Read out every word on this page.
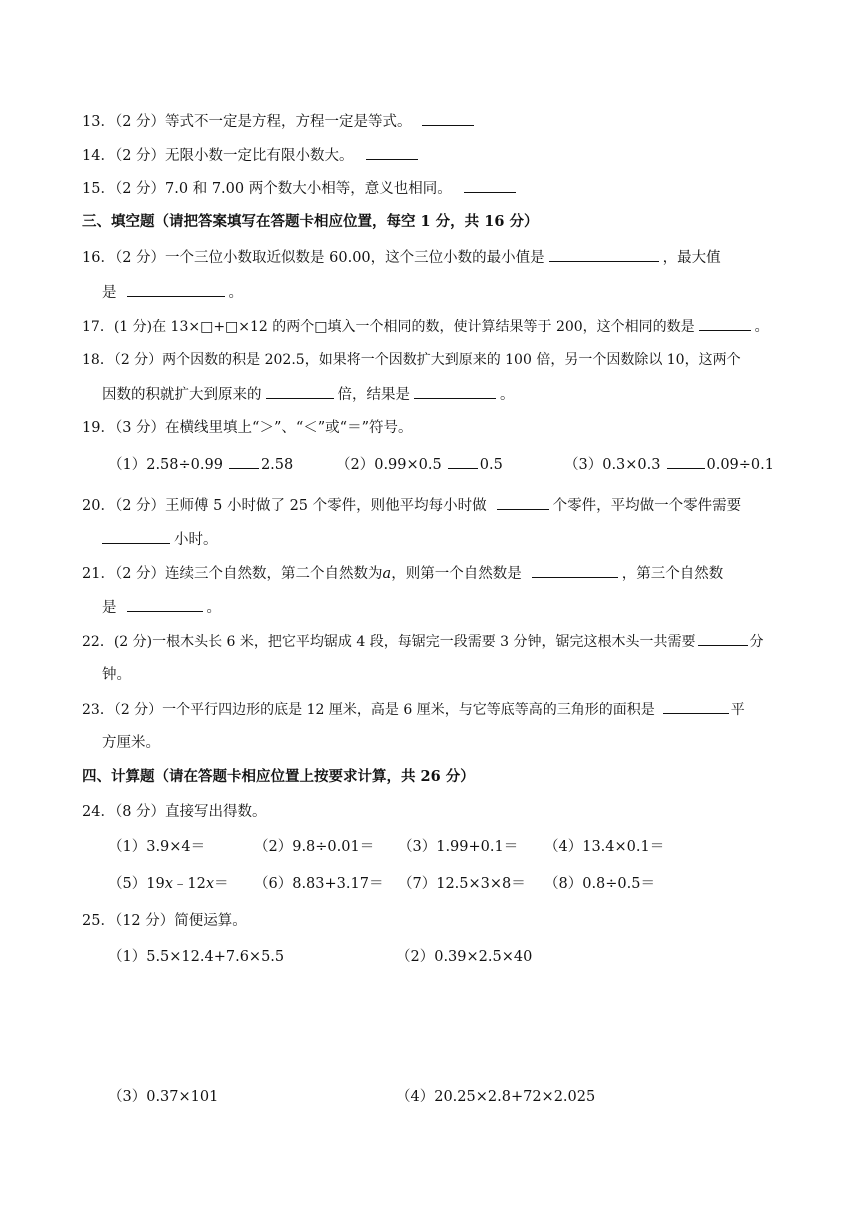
13．（2 分）等式不一定是方程，方程一定是等式。
14．（2 分）无限小数一定比有限小数大。
15．（2 分）7.0 和 7.00 两个数大小相等，意义也相同。
三、填空题（请把答案填写在答题卡相应位置，每空 1 分，共 16 分）
16．（2 分）一个三位小数取近似数是 60.00，这个三位小数的最小值是	，最大值
是	。
17．(1 分)在 13×□+□×12 的两个□填入一个相同的数，使计算结果等于 200，这个相同的数是	。
18．（2 分）两个因数的积是 202.5，如果将一个因数扩大到原来的 100 倍，另一个因数除以 10，这两个
因数的积就扩大到原来的	倍，结果是	。
19．（3 分）在横线里填上“＞”、“＜”或“＝”符号。
（1）2.58÷0.99	2.58	（2）0.99×0.5	0.5	（3）0.3×0.3	0.09÷0.1
20．（2 分）王师傅 5 小时做了 25 个零件，则他平均每小时做	个零件，平均做一个零件需要
小时。
21．（2 分）连续三个自然数，第二个自然数为a，则第一个自然数是	，第三个自然数
是	。
22．(2 分)一根木头长 6 米，把它平均锯成 4 段，每锯完一段需要 3 分钟，锯完这根木头一共需要	分
钟。
23．（2 分）一个平行四边形的底是 12 厘米，高是 6 厘米，与它等底等高的三角形的面积是	平
方厘米。
四、计算题（请在答题卡相应位置上按要求计算，共 26 分）
24．（8 分）直接写出得数。
（1）3.9×4＝	（2）9.8÷0.01＝ （3）1.99+0.1＝ （4）13.4×0.1＝
（5）19x﹣12x＝ （6）8.83+3.17＝ （7）12.5×3×8＝ （8）0.8÷0.5＝
25．（12 分）简便运算。
（1）5.5×12.4+7.6×5.5	（2）0.39×2.5×40
（3）0.37×101	（4）20.25×2.8+72×2.025
